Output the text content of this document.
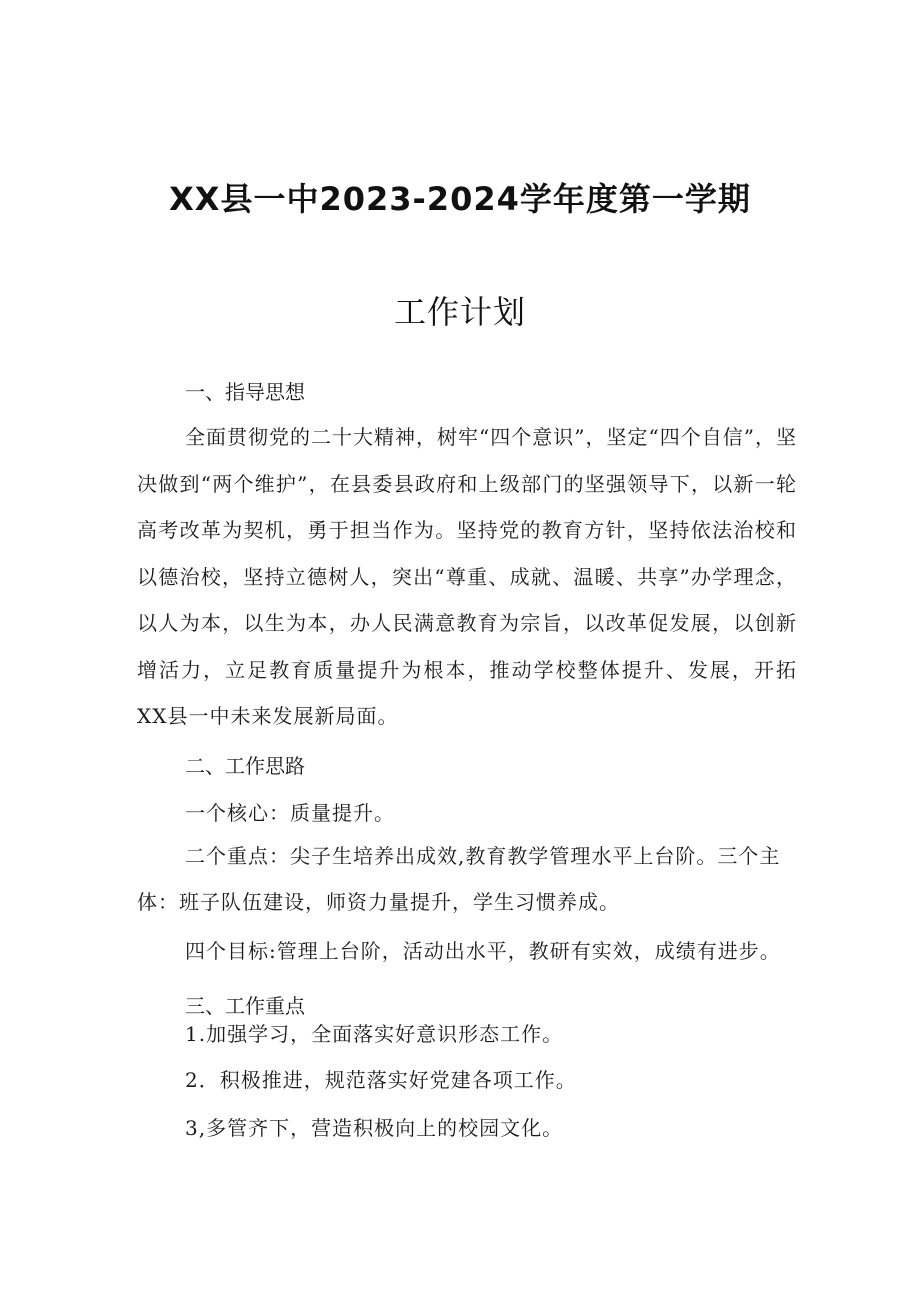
XX县一中2023-2024学年度第一学期
工作计划
一、指导思想

全面贯彻党的二十大精神，树牢“四个意识”，坚定“四个自信”，坚决做到“两个维护”，在县委县政府和上级部门的坚强领导下，以新一轮高考改革为契机，勇于担当作为。坚持党的教育方针，坚持依法治校和以德治校，坚持立德树人，突出“尊重、成就、温暖、共享”办学理念，以人为本，以生为本，办人民满意教育为宗旨，以改革促发展，以创新增活力，立足教育质量提升为根本，推动学校整体提升、发展，开拓XX县一中未来发展新局面。

二、工作思路
一个核心：质量提升。

二个重点：尖子生培养出成效,教育教学管理水平上台阶。三个主体：班子队伍建设，师资力量提升，学生习惯养成。

四个目标:管理上台阶，活动出水平，教研有实效，成绩有进步。
三、工作重点
1.加强学习，全面落实好意识形态工作。
2．积极推进，规范落实好党建各项工作。
3,多管齐下，营造积极向上的校园文化。
